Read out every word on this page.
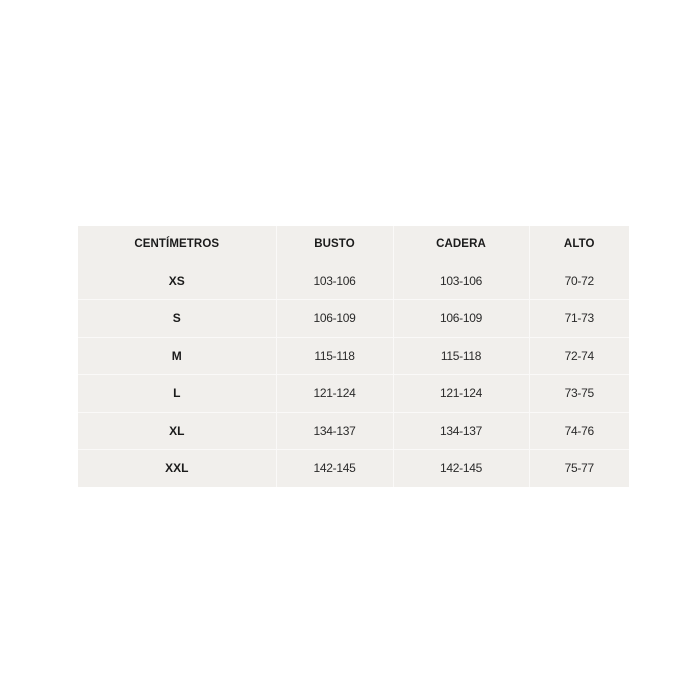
CENTÍMETROS	BUSTO	CADERA	ALTO
XS	103-106	103-106	70-72
S	106-109	106-109	71-73
M	115-118	115-118	72-74
L	121-124	121-124	73-75
XL	134-137	134-137	74-76
XXL	142-145	142-145	75-77
